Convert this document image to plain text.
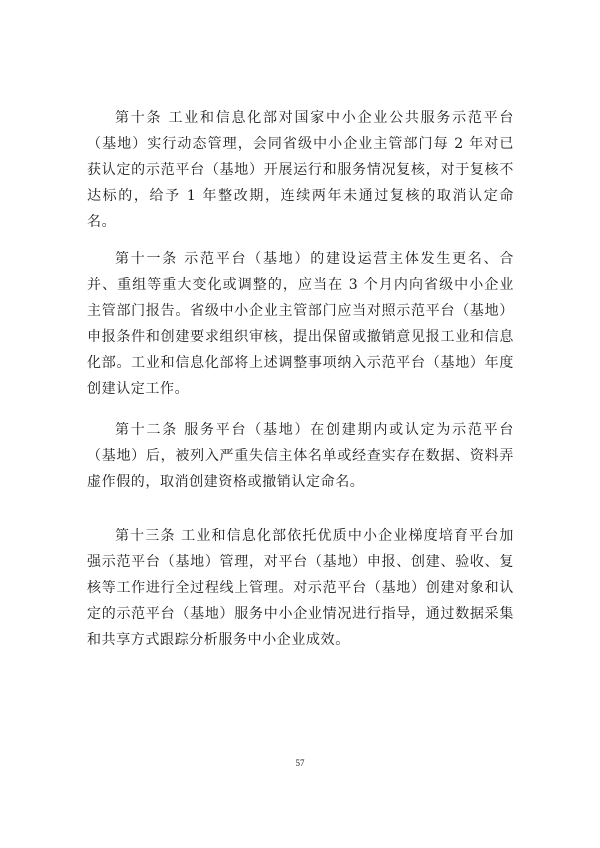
第十条 工业和信息化部对国家中小企业公共服务示范平台（基地）实行动态管理，会同省级中小企业主管部门每 2 年对已获认定的示范平台（基地）开展运行和服务情况复核，对于复核不达标的，给予 1 年整改期，连续两年未通过复核的取消认定命名。

第十一条 示范平台（基地）的建设运营主体发生更名、合并、重组等重大变化或调整的，应当在 3 个月内向省级中小企业主管部门报告。省级中小企业主管部门应当对照示范平台（基地）申报条件和创建要求组织审核，提出保留或撤销意见报工业和信息化部。工业和信息化部将上述调整事项纳入示范平台（基地）年度创建认定工作。

第十二条 服务平台（基地）在创建期内或认定为示范平台（基地）后，被列入严重失信主体名单或经查实存在数据、资料弄虚作假的，取消创建资格或撤销认定命名。

第十三条 工业和信息化部依托优质中小企业梯度培育平台加强示范平台（基地）管理，对平台（基地）申报、创建、验收、复核等工作进行全过程线上管理。对示范平台（基地）创建对象和认定的示范平台（基地）服务中小企业情况进行指导，通过数据采集和共享方式跟踪分析服务中小企业成效。

57
